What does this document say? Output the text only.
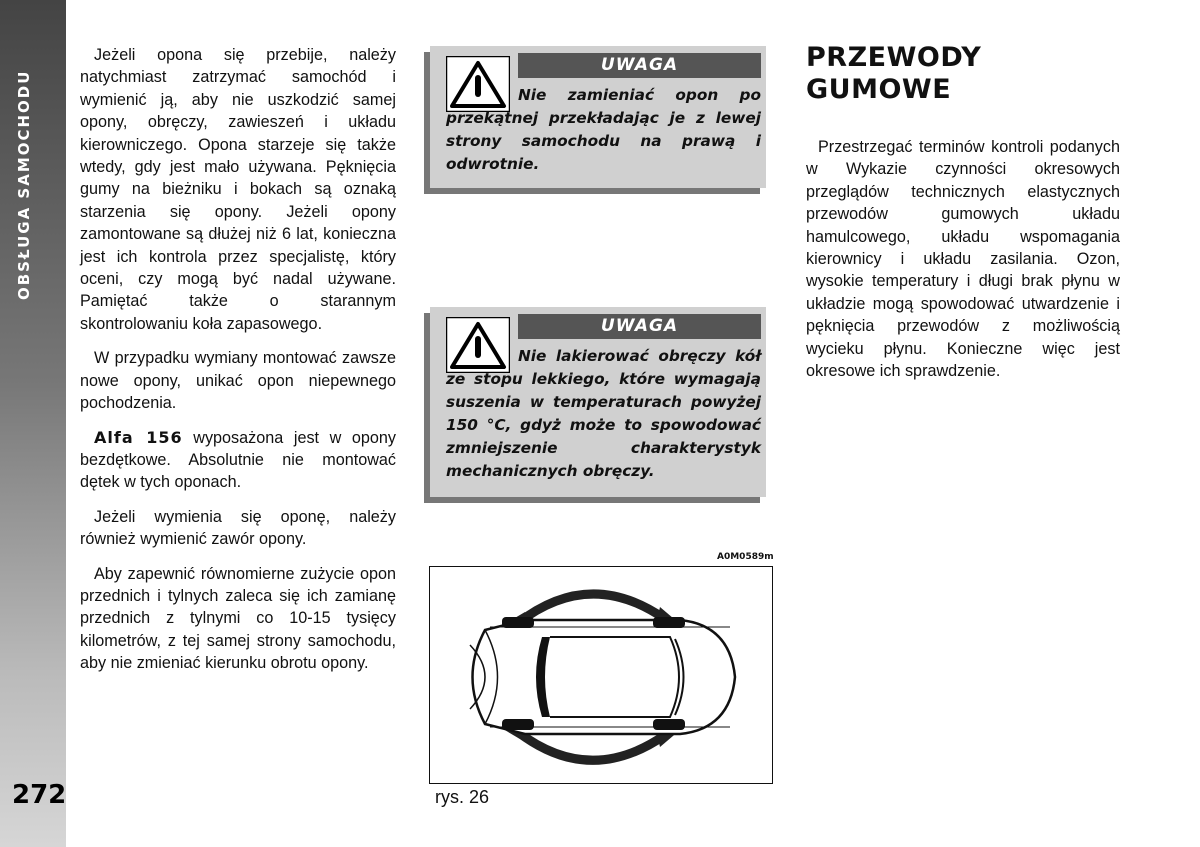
OBSŁUGA SAMOCHODU
272

Jeżeli opona się przebije, należy natychmiast zatrzymać samochód i wymienić ją, aby nie uszkodzić samej opony, obręczy, zawieszeń i układu kierowniczego. Opona starzeje się także wtedy, gdy jest mało używana. Pęknięcia gumy na bieżniku i bokach są oznaką starzenia się opony. Jeżeli opony zamontowane są dłużej niż 6 lat, konieczna jest ich kontrola przez specjalistę, który oceni, czy mogą być nadal używane. Pamiętać także o starannym skontrolowaniu koła zapasowego.

W przypadku wymiany montować zawsze nowe opony, unikać opon niepewnego pochodzenia.

Alfa 156 wyposażona jest w opony bezdętkowe. Absolutnie nie montować dętek w tych oponach.

Jeżeli wymienia się oponę, należy również wymienić zawór opony.

Aby zapewnić równomierne zużycie opon przednich i tylnych zaleca się ich zamianę przednich z tylnymi co 10-15 tysięcy kilometrów, z tej samej strony samochodu, aby nie zmieniać kierunku obrotu opony.

UWAGA
Nie zamieniać opon po przekątnej przekładając je z lewej strony samochodu na prawą i odwrotnie.
UWAGA
Nie lakierować obręczy kół ze stopu lekkiego, które wymagają suszenia w temperaturach powyżej 150 °C, gdyż może to spowodować zmniejszenie charakterystyk mechanicznych obręczy.
A0M0589m
rys. 26
PRZEWODY
GUMOWE
Przestrzegać terminów kontroli podanych w Wykazie czynności okresowych przeglądów technicznych elastycznych przewodów gumowych układu hamulcowego, układu wspomagania kierownicy i układu zasilania. Ozon, wysokie temperatury i długi brak płynu w układzie mogą spowodować utwardzenie i pęknięcia przewodów z możliwością wycieku płynu. Konieczne więc jest okresowe ich sprawdzenie.
